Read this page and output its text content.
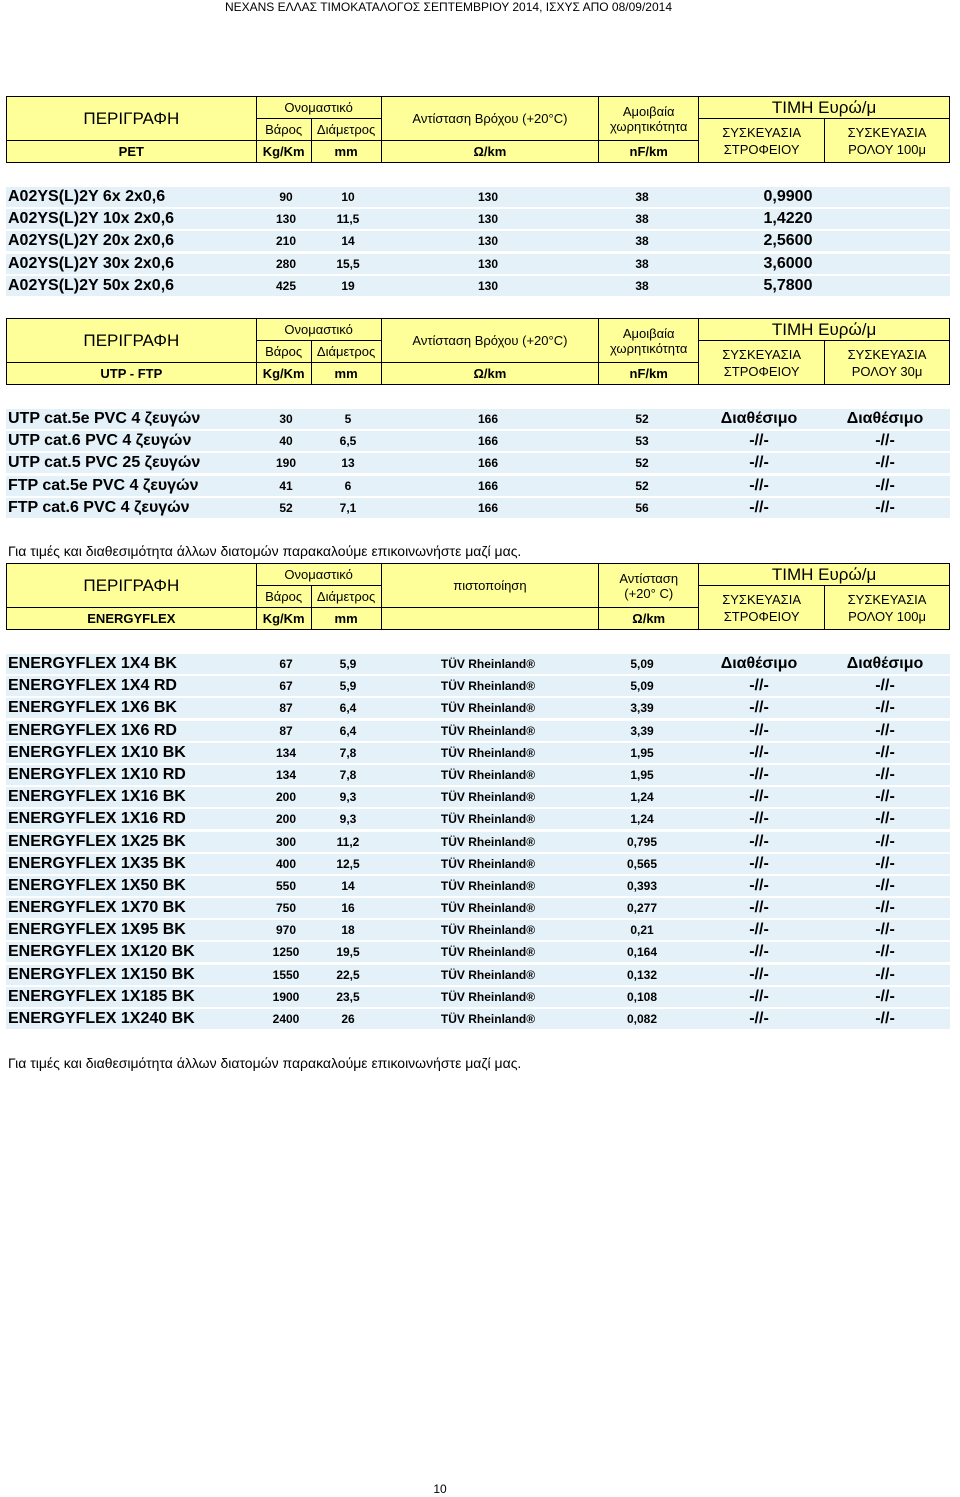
NEXANS ΕΛΛΑΣ ΤΙΜΟΚΑΤΑΛΟΓΟΣ ΣΕΠΤΕΜΒΡΙΟΥ 2014, ΙΣΧΥΣ ΑΠΟ 08/09/2014
ΠΕΡΙΓΡΑΦΗ	Ονομαστικό		Αντίσταση Βρόχου (+20°C)	Αμοιβαία
χωρητικότητα	ΤΙΜΗ Ευρώ/μ	
	Βάρος	Διάμετρος			ΣΥΣΚΕΥΑΣΙΑ
ΣΤΡΟΦΕΙΟΥ	ΣΥΣΚΕΥΑΣΙΑ
ΡΟΛΟΥ 100μ
PET	Kg/Km	mm	Ω/km	nF/km		
A02YS(L)2Y 6x 2x0,6	90	10	130	38	0,9900
A02YS(L)2Y 10x 2x0,6	130	11,5	130	38	1,4220
A02YS(L)2Y 20x 2x0,6	210	14	130	38	2,5600
A02YS(L)2Y 30x 2x0,6	280	15,5	130	38	3,6000
A02YS(L)2Y 50x 2x0,6	425	19	130	38	5,7800
ΠΕΡΙΓΡΑΦΗ	Ονομαστικό		Αντίσταση Βρόχου (+20°C)	Αμοιβαία
χωρητικότητα	ΤΙΜΗ Ευρώ/μ	
	Βάρος	Διάμετρος			ΣΥΣΚΕΥΑΣΙΑ
ΣΤΡΟΦΕΙΟΥ	ΣΥΣΚΕΥΑΣΙΑ
ΡΟΛΟΥ 30μ
UTP - FTP	Kg/Km	mm	Ω/km	nF/km		
UTP cat.5e PVC 4 ζευγών	30	5	166	52	Διαθέσιμο	Διαθέσιμο
UTP cat.6 PVC 4 ζευγών	40	6,5	166	53	-//-	-//-
UTP cat.5 PVC 25 ζευγών	190	13	166	52	-//-	-//-
FTP cat.5e PVC 4 ζευγών	41	6	166	52	-//-	-//-
FTP cat.6 PVC 4 ζευγών	52	7,1	166	56	-//-	-//-
Για τιμές και διαθεσιμότητα άλλων διατομών παρακαλούμε επικοινωνήστε μαζί μας.
ΠΕΡΙΓΡΑΦΗ	Ονομαστικό		πιστοποίηση	Αντίσταση
(+20° C)	ΤΙΜΗ Ευρώ/μ	
	Βάρος	Διάμετρος			ΣΥΣΚΕΥΑΣΙΑ
ΣΤΡΟΦΕΙΟΥ	ΣΥΣΚΕΥΑΣΙΑ
ΡΟΛΟΥ 100μ
ENERGYFLEX	Kg/Km	mm		Ω/km		
ENERGYFLEX 1X4 BK	67	5,9	TÜV Rheinland®	5,09	Διαθέσιμο	Διαθέσιμο
ENERGYFLEX 1X4 RD	67	5,9	TÜV Rheinland®	5,09	-//-	-//-
ENERGYFLEX 1X6 BK	87	6,4	TÜV Rheinland®	3,39	-//-	-//-
ENERGYFLEX 1X6 RD	87	6,4	TÜV Rheinland®	3,39	-//-	-//-
ENERGYFLEX 1X10 BK	134	7,8	TÜV Rheinland®	1,95	-//-	-//-
ENERGYFLEX 1X10 RD	134	7,8	TÜV Rheinland®	1,95	-//-	-//-
ENERGYFLEX 1X16 BK	200	9,3	TÜV Rheinland®	1,24	-//-	-//-
ENERGYFLEX 1X16 RD	200	9,3	TÜV Rheinland®	1,24	-//-	-//-
ENERGYFLEX 1X25 BK	300	11,2	TÜV Rheinland®	0,795	-//-	-//-
ENERGYFLEX 1X35 BK	400	12,5	TÜV Rheinland®	0,565	-//-	-//-
ENERGYFLEX 1X50 BK	550	14	TÜV Rheinland®	0,393	-//-	-//-
ENERGYFLEX 1X70 BK	750	16	TÜV Rheinland®	0,277	-//-	-//-
ENERGYFLEX 1X95 BK	970	18	TÜV Rheinland®	0,21	-//-	-//-
ENERGYFLEX 1X120 BK	1250	19,5	TÜV Rheinland®	0,164	-//-	-//-
ENERGYFLEX 1X150 BK	1550	22,5	TÜV Rheinland®	0,132	-//-	-//-
ENERGYFLEX 1X185 BK	1900	23,5	TÜV Rheinland®	0,108	-//-	-//-
ENERGYFLEX 1X240 BK	2400	26	TÜV Rheinland®	0,082	-//-	-//-
Για τιμές και διαθεσιμότητα άλλων διατομών παρακαλούμε επικοινωνήστε μαζί μας.
10
